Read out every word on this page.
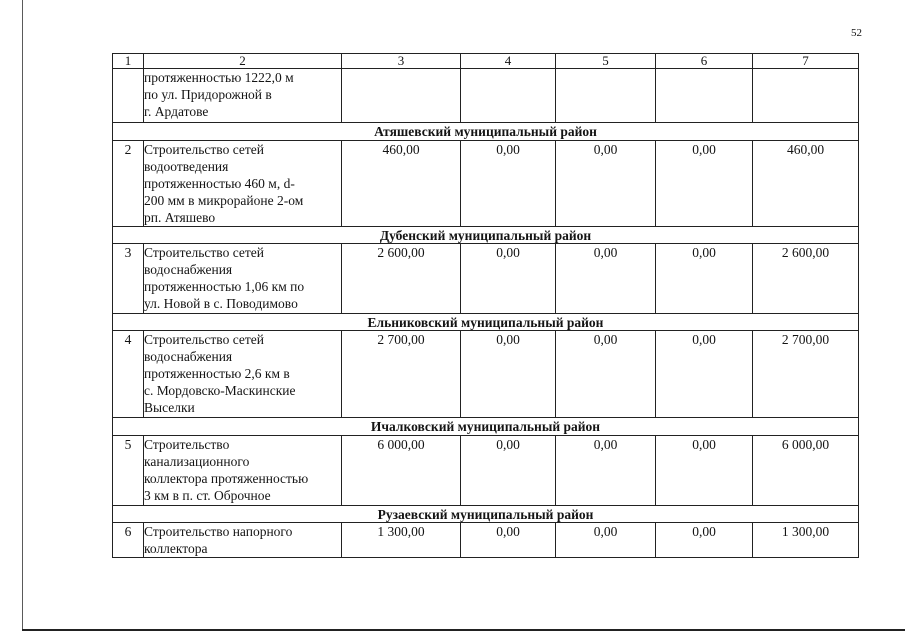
52
1	2	3	4	5	6	7
	протяженностью 1222,0 м
по ул. Придорожной в
г. Ардатове					
Атяшевский муниципальный район						
2	Строительство сетей
водоотведения
протяженностью 460 м, d-
200 мм в микрорайоне 2-ом
рп. Атяшево	460,00	0,00	0,00	0,00	460,00
Дубенский муниципальный район						
3	Строительство сетей
водоснабжения
протяженностью 1,06 км по
ул. Новой в с. Поводимово	2 600,00	0,00	0,00	0,00	2 600,00
Ельниковский муниципальный район						
4	Строительство сетей
водоснабжения
протяженностью 2,6 км в
с. Мордовско-Маскинские
Выселки	2 700,00	0,00	0,00	0,00	2 700,00
Ичалковский муниципальный район						
5	Строительство
канализационного
коллектора протяженностью
3 км в п. ст. Оброчное	6 000,00	0,00	0,00	0,00	6 000,00
Рузаевский муниципальный район						
6	Строительство напорного
коллектора	1 300,00	0,00	0,00	0,00	1 300,00
